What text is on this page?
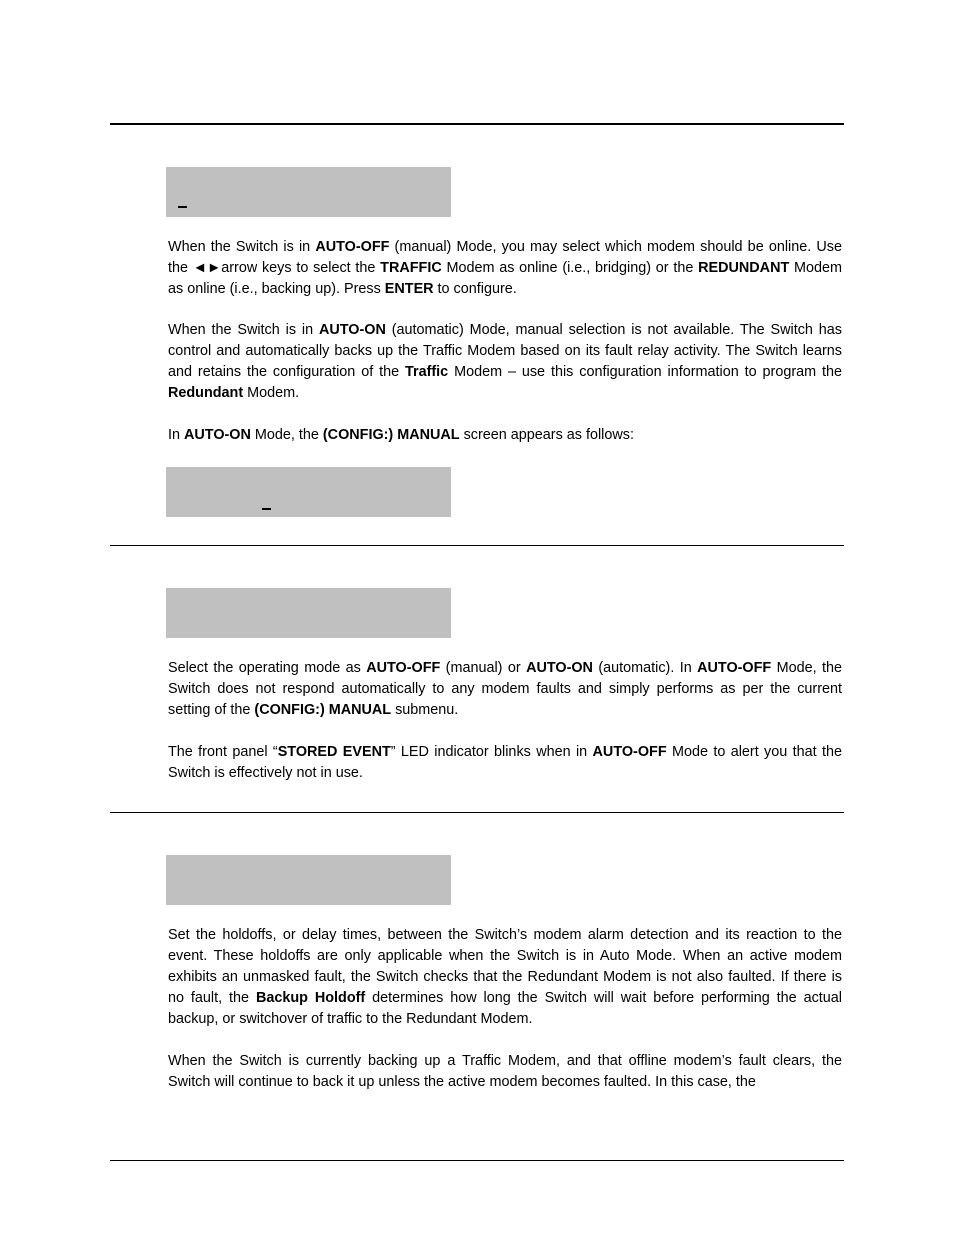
When the Switch is in AUTO-OFF (manual) Mode, you may select which modem should be online. Use the ◄►arrow keys to select the TRAFFIC Modem as online (i.e., bridging) or the REDUNDANT Modem as online (i.e., backing up). Press ENTER to configure.

When the Switch is in AUTO-ON (automatic) Mode, manual selection is not available. The Switch has control and automatically backs up the Traffic Modem based on its fault relay activity. The Switch learns and retains the configuration of the Traffic Modem – use this configuration information to program the Redundant Modem.

In AUTO-ON Mode, the (CONFIG:) MANUAL screen appears as follows:

Select the operating mode as AUTO-OFF (manual) or AUTO-ON (automatic). In AUTO-OFF Mode, the Switch does not respond automatically to any modem faults and simply performs as per the current setting of the (CONFIG:) MANUAL submenu.

The front panel “STORED EVENT” LED indicator blinks when in AUTO-OFF Mode to alert you that the Switch is effectively not in use.

Set the holdoffs, or delay times, between the Switch’s modem alarm detection and its reaction to the event. These holdoffs are only applicable when the Switch is in Auto Mode. When an active modem exhibits an unmasked fault, the Switch checks that the Redundant Modem is not also faulted. If there is no fault, the Backup Holdoff determines how long the Switch will wait before performing the actual backup, or switchover of traffic to the Redundant Modem.

When the Switch is currently backing up a Traffic Modem, and that offline modem’s fault clears, the Switch will continue to back it up unless the active modem becomes faulted. In this case, the
